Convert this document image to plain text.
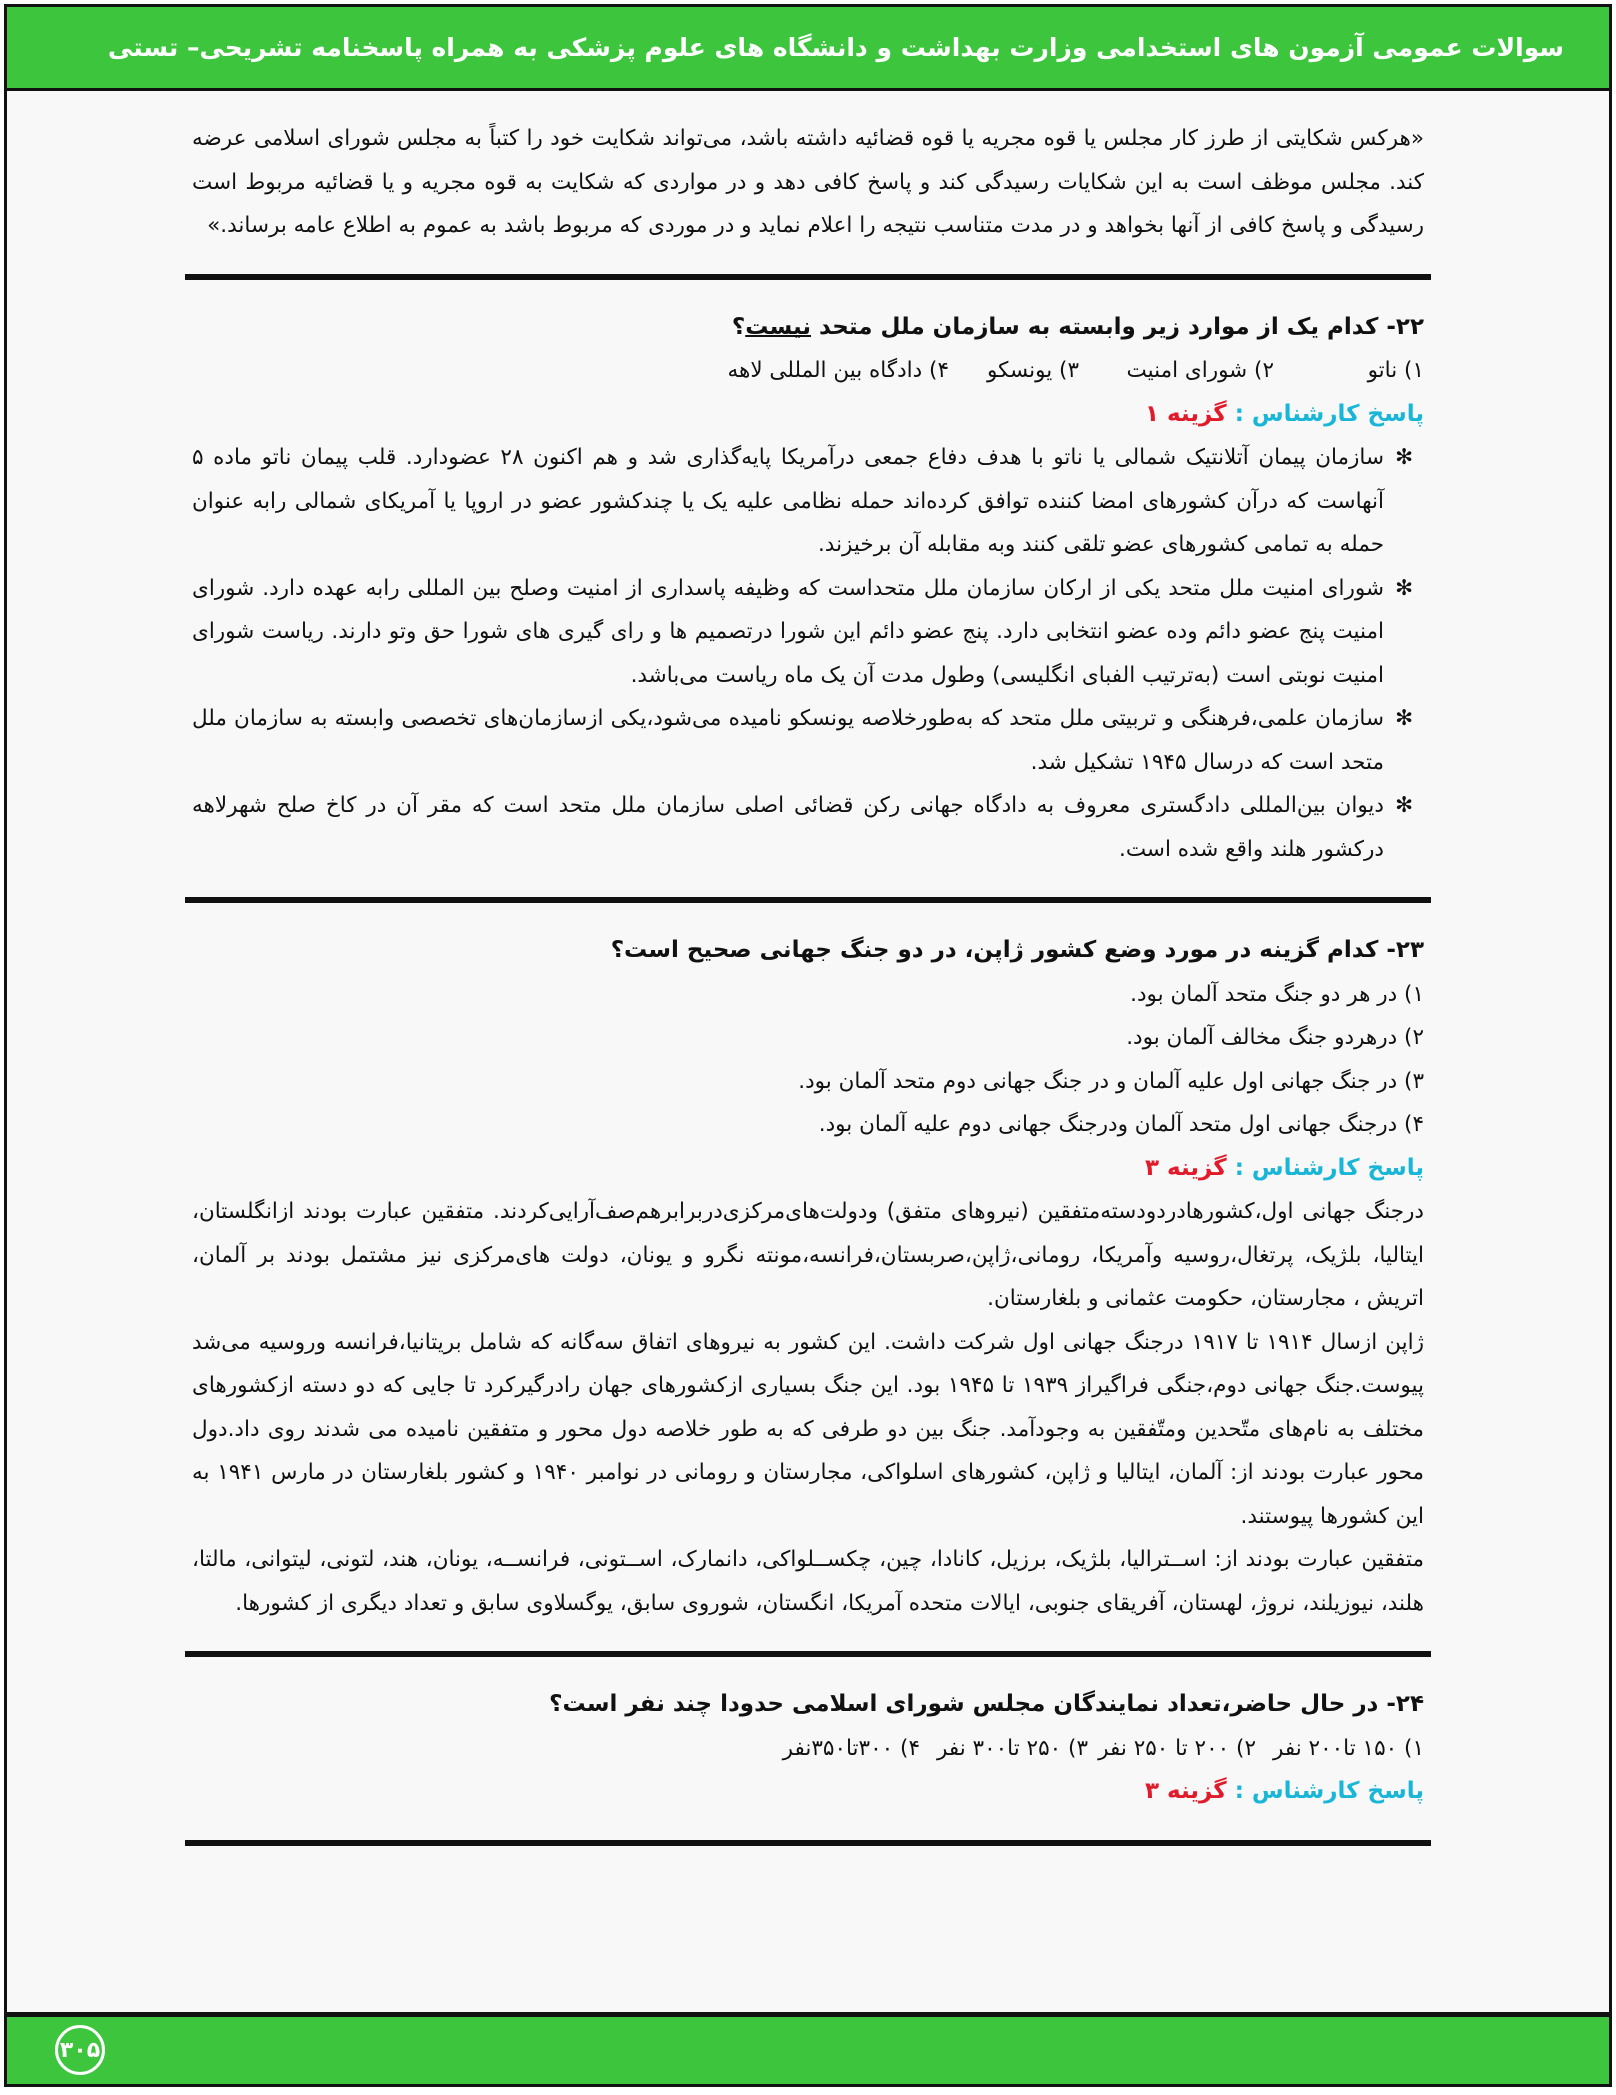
سوالات عمومی آزمون های استخدامی وزارت بهداشت و دانشگاه های علوم پزشکی به همراه پاسخنامه تشریحی– تستی

«هرکس شکایتی از طرز کار مجلس یا قوه مجریه یا قوه قضائیه داشته باشد، می‌تواند شکایت خود را کتباً به مجلس شورای اسلامی عرضه کند. مجلس موظف است به این شکایات رسیدگی کند و پاسخ کافی دهد و در مواردی که شکایت به قوه مجریه و یا قضائیه مربوط است رسیدگی و پاسخ کافی از آنها بخواهد و در مدت متناسب نتیجه را اعلام نماید و در موردی که مربوط باشد به عموم به اطلاع عامه برساند.»

۲۲- کدام یک از موارد زیر وابسته به سازمان ملل متحد نیست؟

۱) ناتو
۲) شورای امنیت
۳) یونسکو
۴) دادگاه بین المللی لاهه

پاسخ کارشناس : گزینه ۱

✻سازمان پیمان آتلانتیک شمالی یا ناتو با هدف دفاع جمعی درآمریکا پایه‌گذاری شد و هم اکنون ۲۸ عضودارد. قلب پیمان ناتو ماده ۵ آنهاست که درآن کشورهای امضا کننده توافق کرده‌اند حمله نظامی علیه یک یا چندکشور عضو در اروپا یا آمریکای شمالی رابه عنوان حمله به تمامی کشورهای عضو تلقی کنند وبه مقابله آن برخیزند.

✻شورای امنیت ملل متحد یکی از ارکان سازمان ملل متحداست که وظیفه پاسداری از امنیت وصلح بین المللی رابه عهده دارد. شورای امنیت پنج عضو دائم وده عضو انتخابی دارد. پنج عضو دائم این شورا درتصمیم ها و رای گیری های شورا حق وتو دارند. ریاست شورای امنیت نوبتی است (به‌ترتیب الفبای انگلیسی) وطول مدت آن یک ماه ریاست می‌باشد.

✻سازمان علمی،فرهنگی و تربیتی ملل متحد که به‌طورخلاصه یونسکو نامیده می‌شود،یکی ازسازمان‌های تخصصی وابسته به سازمان ملل متحد است که درسال ۱۹۴۵ تشکیل شد.

✻دیوان بین‌المللی دادگستری معروف به دادگاه جهانی رکن قضائی اصلی سازمان ملل متحد است که مقر آن در کاخ صلح شهرلاهه درکشور هلند واقع شده است.

۲۳- کدام گزینه در مورد وضع کشور ژاپن، در دو جنگ جهانی صحیح است؟

۱) در هر دو جنگ متحد آلمان بود.

۲) درهردو جنگ مخالف آلمان بود.

۳) در جنگ جهانی اول علیه آلمان و در جنگ جهانی دوم متحد آلمان بود.

۴) درجنگ جهانی اول متحد آلمان ودرجنگ جهانی دوم علیه آلمان بود.

پاسخ کارشناس : گزینه ۳

درجنگ جهانی اول،کشورهادردودسته‌متفقین (نیروهای متفق) ودولت‌های‌مرکزی‌دربرابرهم‌صف‌آرایی‌کردند. متفقین عبارت بودند ازانگلستان، ایتالیا، بلژیک، پرتغال،روسیه وآمریکا، رومانی،ژاپن،صربستان،فرانسه،مونته نگرو و یونان، دولت های‌مرکزی نیز مشتمل بودند بر آلمان، اتریش ، مجارستان، حکومت عثمانی و بلغارستان.

ژاپن ازسال ۱۹۱۴ تا ۱۹۱۷ درجنگ جهانی اول شرکت داشت. این کشور به نیروهای اتفاق سه‌گانه که شامل بریتانیا،فرانسه وروسیه می‌شد پیوست.جنگ جهانی دوم،جنگی فراگیراز ۱۹۳۹ تا ۱۹۴۵ بود. این جنگ بسیاری ازکشورهای جهان رادرگیرکرد تا جایی که دو دسته ازکشورهای مختلف به نام‌های متّحدین ومتّفقین به وجودآمد. جنگ بین دو طرفی که به طور خلاصه دول محور و متفقین نامیده می شدند روی داد.دول محور عبارت بودند از: آلمان، ایتالیا و ژاپن، کشورهای اسلواکی، مجارستان و رومانی در نوامبر ۱۹۴۰ و کشور بلغارستان در مارس ۱۹۴۱ به این کشورها پیوستند.

متفقین عبارت بودند از: اســترالیا، بلژیک، برزیل، کانادا، چین، چکســلواکی، دانمارک، اســتونی، فرانســه، یونان، هند، لتونی، لیتوانی، مالتا، هلند، نیوزیلند، نروژ، لهستان، آفریقای جنوبی، ایالات متحده آمریکا، انگستان، شوروی سابق، یوگسلاوی سابق و تعداد دیگری از کشورها.

۲۴- در حال حاضر،تعداد نمایندگان مجلس شورای اسلامی حدودا چند نفر است؟

۱) ۱۵۰ تا۲۰۰ نفر
۲) ۲۰۰ تا ۲۵۰ نفر
۳) ۲۵۰ تا۳۰۰ نفر
۴) ۳۰۰تا۳۵۰نفر

پاسخ کارشناس : گزینه ۳

۳۰۵
